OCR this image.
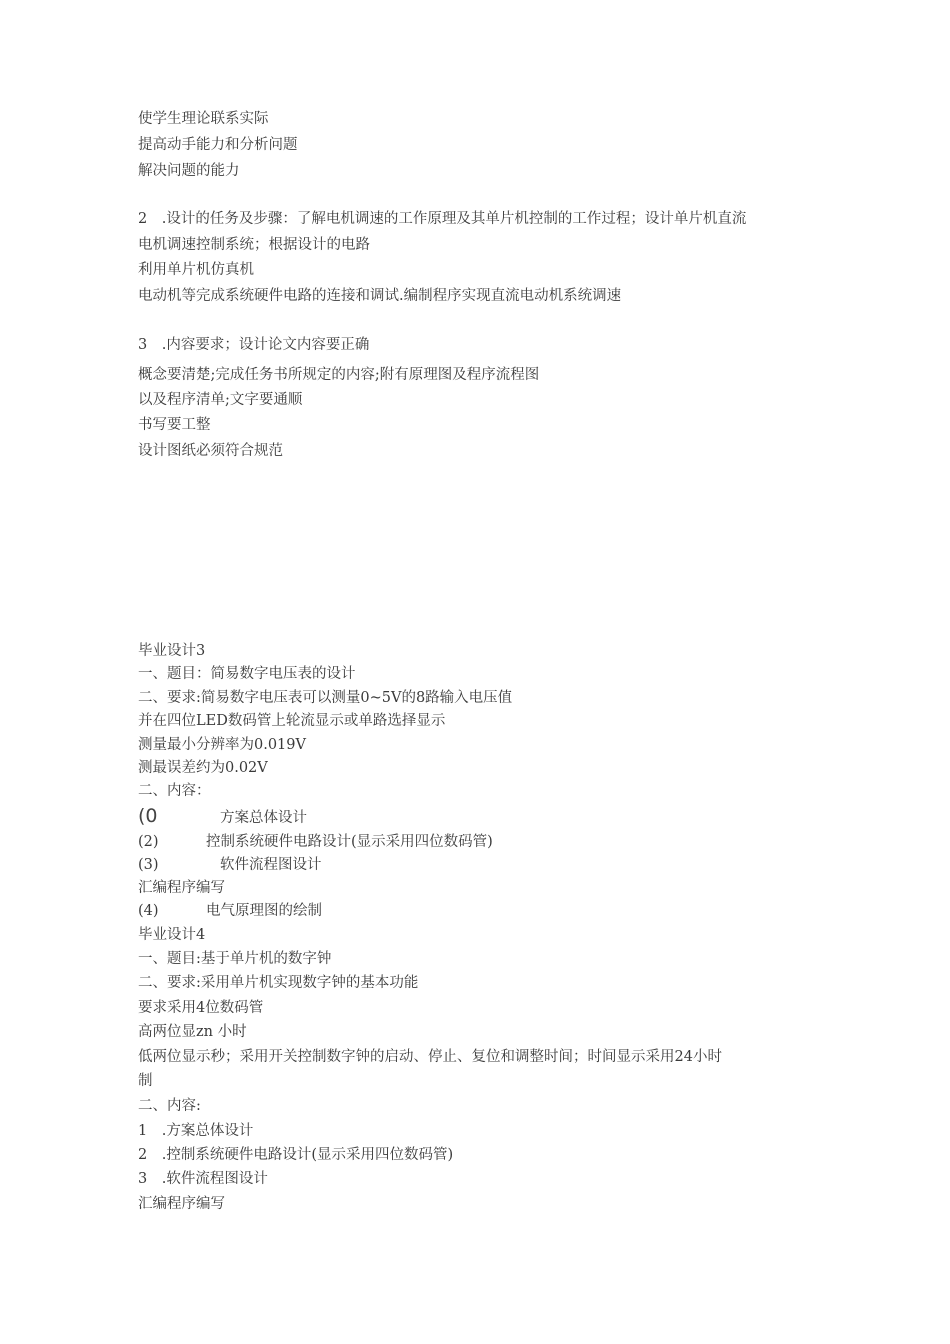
使学生理论联系实际
提高动手能力和分析问题
解决问题的能力
2　.设计的任务及步骤：了解电机调速的工作原理及其单片机控制的工作过程；设计单片机直流
电机调速控制系统；根据设计的电路
利用单片机仿真机
电动机等完成系统硬件电路的连接和调试.编制程序实现直流电动机系统调速
3　.内容要求；设计论文内容要正确
概念要清楚;完成任务书所规定的内容;附有原理图及程序流程图
以及程序清单;文字要通顺
书写要工整
设计图纸必须符合规范
毕业设计3
一、题目：简易数字电压表的设计
二、要求:简易数字电压表可以测量0~5V的8路输入电压值
并在四位LED数码管上轮流显示或单路选择显示
测量最小分辨率为0.019V
测最误差约为0.02V
二、内容：
(0	方案总体设计
(2)	控制系统硬件电路设计(显示采用四位数码管)
(3)	软件流程图设计
汇编程序编写
(4)	电气原理图的绘制
毕业设计4
一、题目:基于单片机的数字钟
二、要求:采用单片机实现数字钟的基本功能
要求采用4位数码管
高两位显zn 小时
低两位显示秒；采用开关控制数字钟的启动、停止、复位和调整时间；时间显示采用24小时
制
二、内容:
1　.方案总体设计
2　.控制系统硬件电路设计(显示采用四位数码管)
3　.软件流程图设计
汇编程序编写
